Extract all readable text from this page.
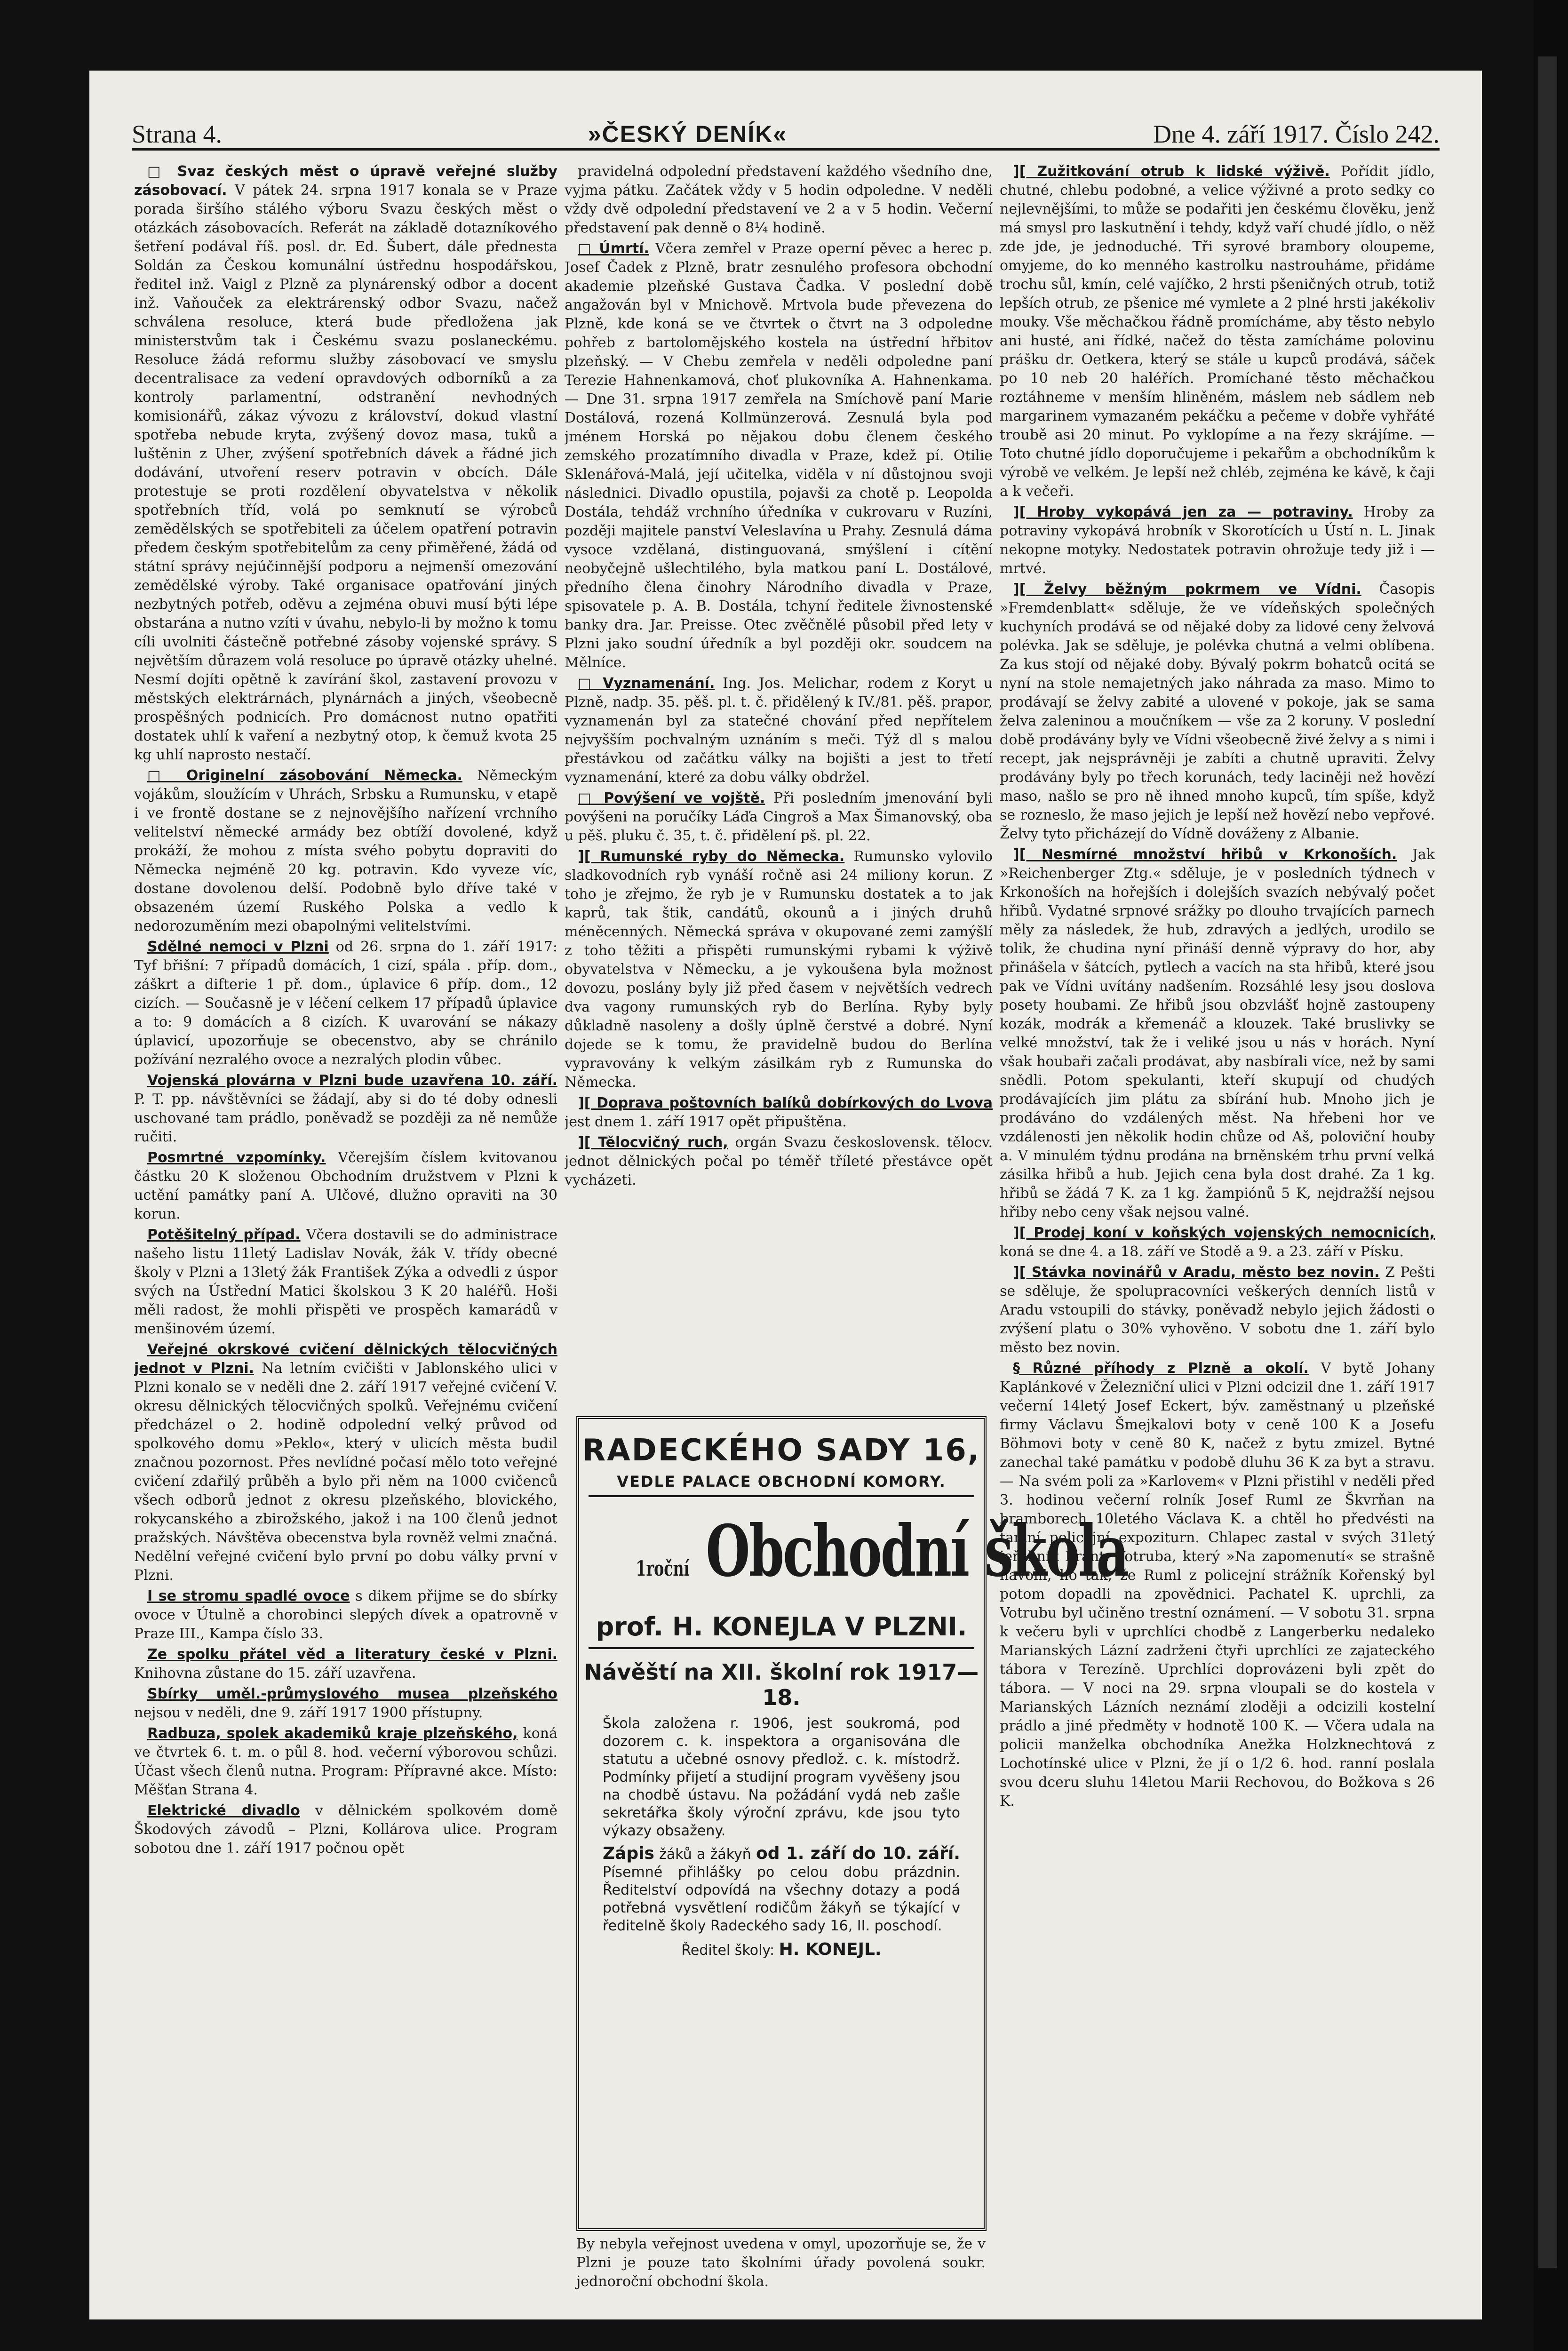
Strana 4.	»ČESKÝ DENÍK«	Dne 4. září 1917. Číslo 242.

□ Svaz českých měst o úpravě veřejné služby zásobovací. V pátek 24. srpna 1917 konala se v Praze porada širšího stálého výboru Svazu českých měst o otázkách zásobovacích. Referát na základě dotazníkového šetření podával říš. posl. dr. Ed. Šubert, dále přednesta Soldán za Českou komunální ústřednu hospodářskou, ředitel inž. Vaigl z Plzně za plynárenský odbor a docent inž. Vaňouček za elektrárenský odbor Svazu, načež schválena resoluce, která bude předložena jak ministerstvům tak i Českému svazu poslaneckému. Resoluce žádá reformu služby zásobovací ve smyslu decentralisace za vedení opravdových odborníků a za kontroly parlamentní, odstranění nevhodných komisionářů, zákaz vývozu z království, dokud vlastní spotřeba nebude kryta, zvýšený dovoz masa, tuků a luštěnin z Uher, zvýšení spotřebních dávek a řádné jich dodávání, utvoření reserv potravin v obcích. Dále protestuje se proti rozdělení obyvatelstva v několik spotřebních tříd, volá po semknutí se výrobců zemědělských se spotřebiteli za účelem opatření potravin předem českým spotřebitelům za ceny přiměřené, žádá od státní správy nejúčinnější podporu a nejmenší omezování zemědělské výroby. Také organisace opatřování jiných nezbytných potřeb, oděvu a zejména obuvi musí býti lépe obstarána a nutno vzíti v úvahu, nebylo-li by možno k tomu cíli uvolniti částečně potřebné zásoby vojenské správy. S největším důrazem volá resoluce po úpravě otázky uhelné. Nesmí dojíti opětně k zavírání škol, zastavení provozu v městských elektrárnách, plynárnách a jiných, všeobecně prospěšných podnicích. Pro domácnost nutno opatřiti dostatek uhlí k vaření a nezbytný otop, k čemuž kvota 25 kg uhlí naprosto nestačí.

□ Originelní zásobování Německa. Německým vojákům, sloužícím v Uhrách, Srbsku a Rumunsku, v etapě i ve frontě dostane se z nejnovějšího nařízení vrchního velitelství německé armády bez obtíží dovolené, když prokáží, že mohou z místa svého pobytu dopraviti do Německa nejméně 20 kg. potravin. Kdo vyveze víc, dostane dovolenou delší. Podobně bylo dříve také v obsazeném území Ruského Polska a vedlo k nedorozuměním mezi obapolnými velitelstvími.

Sdělné nemoci v Plzni od 26. srpna do 1. září 1917: Tyf břišní: 7 případů domácích, 1 cizí, spála . příp. dom., záškrt a difterie 1 př. dom., úplavice 6 příp. dom., 12 cizích. — Současně je v léčení celkem 17 případů úplavice a to: 9 domácích a 8 cizích. K uvarování se nákazy úplavicí, upozorňuje se obecenstvo, aby se chránilo požívání nezralého ovoce a nezralých plodin vůbec.

Vojenská plovárna v Plzni bude uzavřena 10. září. P. T. pp. návštěvníci se žádají, aby si do té doby odnesli uschované tam prádlo, poněvadž se později za ně nemůže ručiti.

Posmrtné vzpomínky. Včerejším číslem kvitovanou částku 20 K složenou Obchodním družstvem v Plzni k uctění památky paní A. Ulčové, dlužno opraviti na 30 korun.

Potěšitelný případ. Včera dostavili se do administrace našeho listu 11letý Ladislav Novák, žák V. třídy obecné školy v Plzni a 13letý žák František Zýka a odvedli z úspor svých na Ústřední Matici školskou 3 K 20 haléřů. Hoši měli radost, že mohli přispěti ve prospěch kamarádů v menšinovém území.

Veřejné okrskové cvičení dělnických tělocvičných jednot v Plzni. Na letním cvičišti v Jablonského ulici v Plzni konalo se v neděli dne 2. září 1917 veřejné cvičení V. okresu dělnických tělocvičných spolků. Veřejnému cvičení předcházel o 2. hodině odpolední velký průvod od spolkového domu »Peklo«, který v ulicích města budil značnou pozornost. Přes nevlídné počasí mělo toto veřejné cvičení zdařilý průběh a bylo při něm na 1000 cvičenců všech odborů jednot z okresu plzeňského, blovického, rokycanského a zbirožského, jakož i na 100 členů jednot pražských. Návštěva obecenstva byla rovněž velmi značná. Nedělní veřejné cvičení bylo první po dobu války první v Plzni.

I se stromu spadlé ovoce s dikem přijme se do sbírky ovoce v Útulně a chorobinci slepých dívek a opatrovně v Praze III., Kampa číslo 33.

Ze spolku přátel věd a literatury české v Plzni. Knihovna zůstane do 15. září uzavřena.

Sbírky uměl.-průmyslového musea plzeňského nejsou v neděli, dne 9. září 1917 1900 přístupny.

Radbuza, spolek akademiků kraje plzeňského, koná ve čtvrtek 6. t. m. o půl 8. hod. večerní výborovou schůzi. Účast všech členů nutna. Program: Přípravné akce. Místo: Měšťan Strana 4.

Elektrické divadlo v dělnickém spolkovém domě Škodových závodů – Plzni, Kollárova ulice. Program sobotou dne 1. září 1917 počnou opět

pravidelná odpolední představení každého všedního dne, vyjma pátku. Začátek vždy v 5 hodin odpoledne. V neděli vždy dvě odpolední představení ve 2 a v 5 hodin. Večerní představení pak denně o 8¼ hodině.

□ Úmrtí. Včera zemřel v Praze operní pěvec a herec p. Josef Čadek z Plzně, bratr zesnulého profesora obchodní akademie plzeňské Gustava Čadka. V poslední době angažován byl v Mnichově. Mrtvola bude převezena do Plzně, kde koná se ve čtvrtek o čtvrt na 3 odpoledne pohřeb z bartolomějského kostela na ústřední hřbitov plzeňský. — V Chebu zemřela v neděli odpoledne paní Terezie Hahnenkamová, choť plukovníka A. Hahnenkama. — Dne 31. srpna 1917 zemřela na Smíchově paní Marie Dostálová, rozená Kollmünzerová. Zesnulá byla pod jménem Horská po nějakou dobu členem českého zemského prozatímního divadla v Praze, kdež pí. Otilie Sklenářová-Malá, její učitelka, viděla v ní důstojnou svoji následnici. Divadlo opustila, pojavši za chotě p. Leopolda Dostála, tehdáž vrchního úředníka v cukrovaru v Ruzíni, později majitele panství Veleslavína u Prahy. Zesnulá dáma vysoce vzdělaná, distinguovaná, smýšlení i cítění neobyčejně ušlechtilého, byla matkou paní L. Dostálové, předního člena činohry Národního divadla v Praze, spisovatele p. A. B. Dostála, tchyní ředitele živnostenské banky dra. Jar. Preisse. Otec zvěčnělé působil před lety v Plzni jako soudní úředník a byl později okr. soudcem na Mělníce.

□ Vyznamenání. Ing. Jos. Melichar, rodem z Koryt u Plzně, nadp. 35. pěš. pl. t. č. přidělený k IV./81. pěš. prapor, vyznamenán byl za statečné chování před nepřítelem nejvyšším pochvalným uznáním s meči. Týž dl s malou přestávkou od začátku války na bojišti a jest to třetí vyznamenání, které za dobu války obdržel.

□ Povýšení ve vojště. Při posledním jmenování byli povýšeni na poručíky Láďa Cingroš a Max Šimanovský, oba u pěš. pluku č. 35, t. č. přidělení pš. pl. 22.

][ Rumunské ryby do Německa. Rumunsko vylovilo sladkovodních ryb vynáší ročně asi 24 miliony korun. Z toho je zřejmo, že ryb je v Rumunsku dostatek a to jak kaprů, tak štik, candátů, okounů a i jiných druhů méněcenných. Německá správa v okupované zemi zamýšlí z toho těžiti a přispěti rumunskými rybami k výživě obyvatelstva v Německu, a je vykoušena byla možnost dovozu, poslány byly již před časem v největších vedrech dva vagony rumunských ryb do Berlína. Ryby byly důkladně nasoleny a došly úplně čerstvé a dobré. Nyní dojede se k tomu, že pravidelně budou do Berlína vypravovány k velkým zásilkám ryb z Rumunska do Německa.

][ Doprava poštovních balíků dobírkových do Lvova jest dnem 1. září 1917 opět připuštěna.

][ Tělocvičný ruch, orgán Svazu československ. tělocv. jednot dělnických počal po téměř tříleté přestávce opět vycházeti.

RADECKÉHO SADY 16,
VEDLE PALACE OBCHODNÍ KOMORY.
1roční Obchodní škola
prof. H. KONEJLA V PLZNI.
Návěští na XII. školní rok 1917—18.
Škola založena r. 1906, jest soukromá, pod dozorem c. k. inspektora a organisována dle statutu a učebné osnovy předlož. c. k. místodrž. Podmínky přijetí a studijní program vyvěšeny jsou na chodbě ústavu. Na požádání vydá neb zašle sekretářka školy výroční zprávu, kde jsou tyto výkazy obsaženy.
Zápis žáků a žákyň od 1. září do 10. září. Písemné přihlášky po celou dobu prázdnin. Ředitelství odpovídá na všechny dotazy a podá potřebná vysvětlení rodičům žákyň se týkající v ředitelně školy Radeckého sady 16, II. poschodí.
Ředitel školy: H. KONEJL.
By nebyla veřejnost uvedena v omyl, upozorňuje se, že v Plzni je pouze tato školními úřady povolená soukr. jednoroční obchodní škola.

][ Zužitkování otrub k lidské výživě. Pořídit jídlo, chutné, chlebu podobné, a velice výživné a proto sedky co nejlevnějšími, to může se podařiti jen českému člověku, jenž má smysl pro laskutnění i tehdy, když vaří chudé jídlo, o něž zde jde, je jednoduché. Tři syrové brambory oloupeme, omyjeme, do ko menného kastrolku nastrouháme, přidáme trochu sůl, kmín, celé vajíčko, 2 hrsti pšeničných otrub, totiž lepších otrub, ze pšenice mé vymlete a 2 plné hrsti jakékoliv mouky. Vše měchačkou řádně promícháme, aby těsto nebylo ani husté, ani řídké, načež do těsta zamícháme polovinu prášku dr. Oetkera, který se stále u kupců prodává, sáček po 10 neb 20 haléřích. Promíchané těsto měchačkou roztáhneme v menším hliněném, máslem neb sádlem neb margarinem vymazaném pekáčku a pečeme v dobře vyhřáté troubě asi 20 minut. Po vyklopíme a na řezy skrájíme. — Toto chutné jídlo doporučujeme i pekařům a obchodníkům k výrobě ve velkém. Je lepší než chléb, zejména ke kávě, k čaji a k večeři.

][ Hroby vykopává jen za — potraviny. Hroby za potraviny vykopává hrobník v Skorotících u Ústí n. L. Jinak nekopne motyky. Nedostatek potravin ohrožuje tedy již i — mrtvé.

][ Želvy běžným pokrmem ve Vídni. Časopis »Fremdenblatt« sděluje, že ve vídeňských společných kuchyních prodává se od nějaké doby za lidové ceny želvová polévka. Jak se sděluje, je polévka chutná a velmi oblíbena. Za kus stojí od nějaké doby. Bývalý pokrm bohatců ocitá se nyní na stole nemajetných jako náhrada za maso. Mimo to prodávají se želvy zabité a ulovené v pokoje, jak se sama želva zaleninou a moučníkem — vše za 2 koruny. V poslední době prodávány byly ve Vídni všeobecně živé želvy a s nimi i recept, jak nejsprávněji je zabíti a chutně upraviti. Želvy prodávány byly po třech korunách, tedy laciněji než hovězí maso, našlo se pro ně ihned mnoho kupců, tím spíše, když se rozneslo, že maso jejich je lepší než hovězí nebo vepřové. Želvy tyto přicházejí do Vídně dováženy z Albanie.

][ Nesmírné množství hřibů v Krkonoších. Jak »Reichenberger Ztg.« sděluje, je v posledních týdnech v Krkonoších na hořejších i dolejších svazích nebývalý počet hřibů. Vydatné srpnové srážky po dlouho trvajících parnech měly za následek, že hub, zdravých a jedlých, urodilo se tolik, že chudina nyní přináší denně výpravy do hor, aby přinášela v šátcích, pytlech a vacích na sta hřibů, které jsou pak ve Vídni uvítány nadšením. Rozsáhlé lesy jsou doslova posety houbami. Ze hřibů jsou obzvlášť hojně zastoupeny kozák, modrák a křemenáč a klouzek. Také bruslivky se velké množství, tak že i veliké jsou u nás v horách. Nyní však houbaři začali prodávat, aby nasbírali více, než by sami snědli. Potom spekulanti, kteří skupují od chudých prodávajících jim plátu za sbírání hub. Mnoho jich je prodáváno do vzdálených měst. Na hřebeni hor ve vzdálenosti jen několik hodin chůze od Aš, poloviční houby a. V minulém týdnu prodána na brněnském trhu první velká zásilka hřibů a hub. Jejich cena byla dost drahé. Za 1 kg. hřibů se žádá 7 K. za 1 kg. žampiónů 5 K, nejdražší nejsou hřiby nebo ceny však nejsou valné.

][ Prodej koní v koňských vojenských nemocnicích, koná se dne 4. a 18. září ve Stodě a 9. a 23. září v Písku.

][ Stávka novinářů v Aradu, město bez novin. Z Pešti se sděluje, že spolupracovníci veškerých denních listů v Aradu vstoupili do stávky, poněvadž nebylo jejich žádosti o zvýšení platu o 30% vyhověno. V sobotu dne 1. září bylo město bez novin.

§ Různé příhody z Plzně a okolí. V bytě Johany Kaplánkové v Železniční ulici v Plzni odcizil dne 1. září 1917 večerní 14letý Josef Eckert, býv. zaměstnaný u plzeňské firmy Václavu Šmejkalovi boty v ceně 100 K a Josefu Böhmovi boty v ceně 80 K, načež z bytu zmizel. Bytné zanechal také památku v podobě dluhu 36 K za byt a stravu. — Na svém poli za »Karlovem« v Plzni přistihl v neděli před 3. hodinou večerní rolník Josef Ruml ze Škvrňan na bramborech 10letého Václava K. a chtěl ho předvésti na tamní policejní expoziturn. Chlapec zastal v svých 31letý jeřábník Frant. Votruba, který »Na zapomenutí« se strašně navolil, ho tak, že Ruml z policejní strážník Kořenský byl potom dopadli na zpovědnici. Pachatel K. uprchli, za Votrubu byl učiněno trestní oznámení. — V sobotu 31. srpna k večeru byli v uprchlíci chodbě z Langerberku nedaleko Marianských Lázní zadrženi čtyři uprchlíci ze zajateckého tábora v Terezíně. Uprchlíci doprovázeni byli zpět do tábora. — V noci na 29. srpna vloupali se do kostela v Marianských Lázních neznámí zloději a odcizili kostelní prádlo a jiné předměty v hodnotě 100 K. — Včera udala na policii manželka obchodníka Anežka Holzknechtová z Lochotínské ulice v Plzni, že jí o 1/2 6. hod. ranní poslala svou dceru sluhu 14letou Marii Rechovou, do Božkova s 26 K.
